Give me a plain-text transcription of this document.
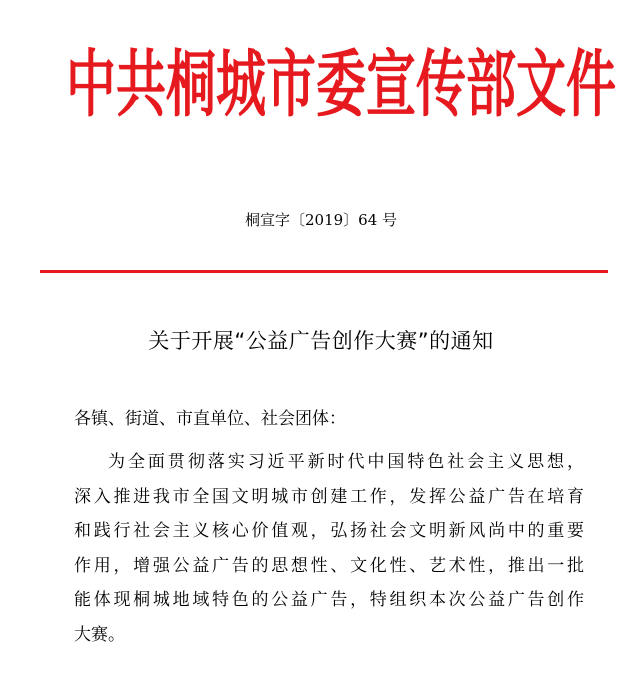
中 共 桐 城 市 委 宣 传 部 文 件
桐宣字〔2019〕64 号
关于开展“公益广告创作大赛”的通知
各镇、街道、市直单位、社会团体：
为全面贯彻落实习近平新时代中国特色社会主义思想，
深入推进我市全国文明城市创建工作，发挥公益广告在培育
和践行社会主义核心价值观，弘扬社会文明新风尚中的重要
作用，增强公益广告的思想性、文化性、艺术性，推出一批
能体现桐城地域特色的公益广告，特组织本次公益广告创作
大赛。
